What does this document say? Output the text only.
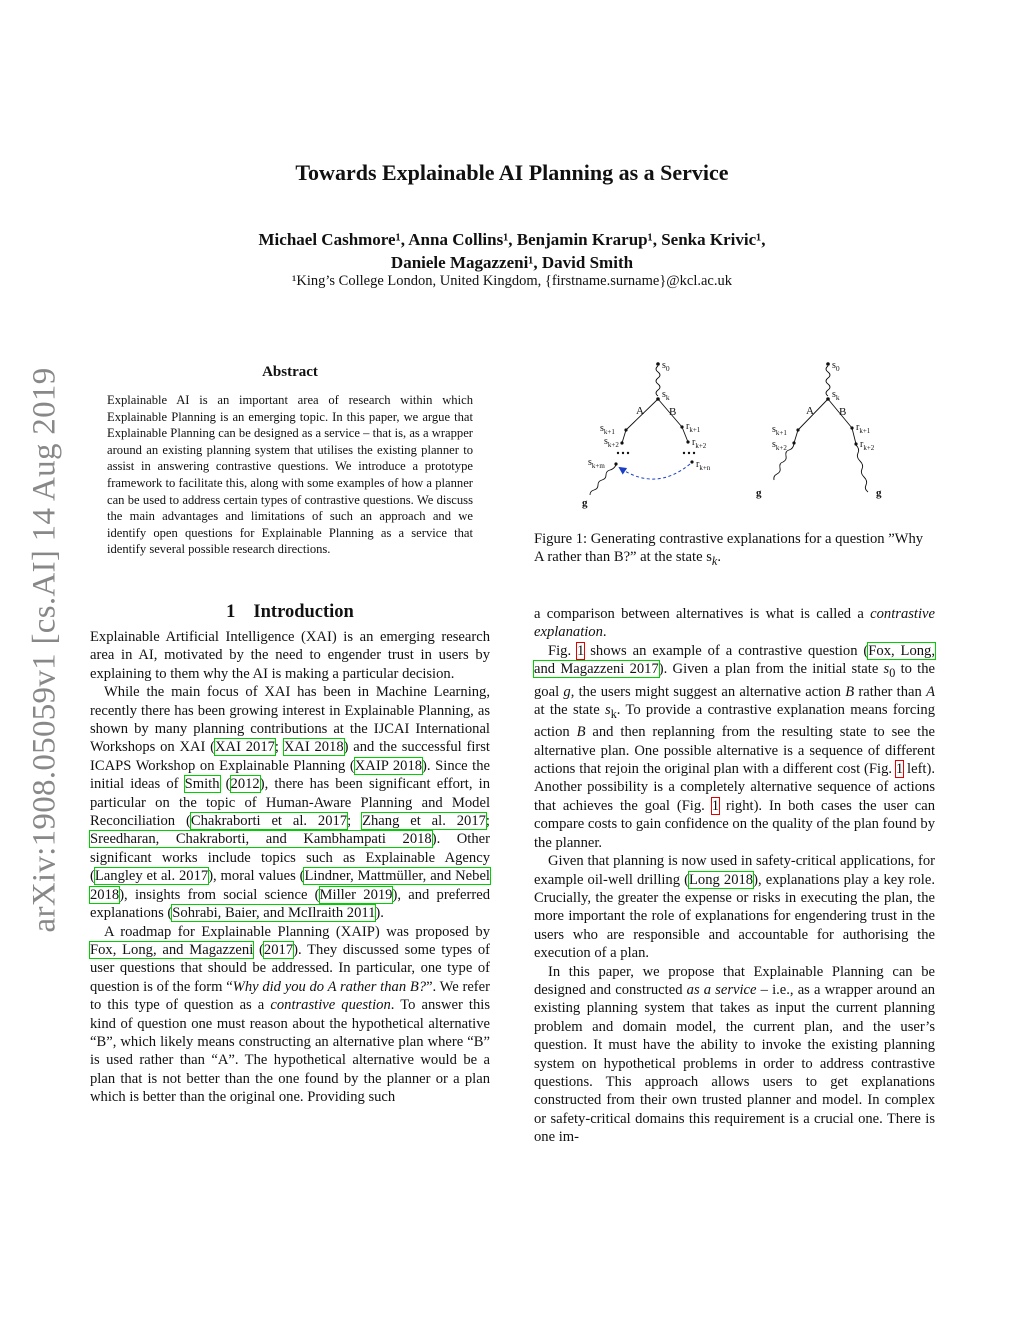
Towards Explainable AI Planning as a Service
Michael Cashmore¹, Anna Collins¹, Benjamin Krarup¹, Senka Krivic¹,
Daniele Magazzeni¹, David Smith
¹King’s College London, United Kingdom, {firstname.surname}@kcl.ac.uk
arXiv:1908.05059v1 [cs.AI] 14 Aug 2019	Abstract

Explainable AI is an important area of research within which Explainable Planning is an emerging topic. In this paper, we argue that Explainable Planning can be designed as a service – that is, as a wrapper around an existing planning system that utilises the existing planner to assist in answering contrastive questions. We introduce a prototype framework to facilitate this, along with some examples of how a planner can be used to address certain types of contrastive questions. We discuss the main advantages and limitations of such an approach and we identify open questions for Explainable Planning as a service that identify several possible research directions.

1 Introduction

Explainable Artificial Intelligence (XAI) is an emerging research area in AI, motivated by the need to engender trust in users by explaining to them why the AI is making a particular decision.

While the main focus of XAI has been in Machine Learning, recently there has been growing interest in Explainable Planning, as shown by many planning contributions at the IJCAI International Workshops on XAI (XAI 2017; XAI 2018) and the successful first ICAPS Workshop on Explainable Planning (XAIP 2018). Since the initial ideas of Smith (2012), there has been significant effort, in particular on the topic of Human-Aware Planning and Model Reconciliation (Chakraborti et al. 2017; Zhang et al. 2017; Sreedharan, Chakraborti, and Kambhampati 2018). Other significant works include topics such as Explainable Agency (Langley et al. 2017), moral values (Lindner, Mattmüller, and Nebel 2018), insights from social science (Miller 2019), and preferred explanations (Sohrabi, Baier, and McIlraith 2011).

A roadmap for Explainable Planning (XAIP) was proposed by Fox, Long, and Magazzeni (2017). They discussed some types of user questions that should be addressed. In particular, one type of question is of the form “Why did you do A rather than B?”. We refer to this type of question as a contrastive question. To answer this kind of question one must reason about the hypothetical alternative “B”, which likely means constructing an alternative plan where “B” is used rather than “A”. The hypothetical alternative would be a plan that is not better than the one found by the planner or a plan which is better than the original one. Providing such

$s_0$
$s_k$
A B
$s_{k+1}$
$s_{k+2}$
$s_{k+m}$
g
$r_{k+1}$
$r_{k+2}$
$r_{k+n}$
$s_0$
$s_k$
A B
$s_{k+1}$
$s_{k+2}$
g
$r_{k+1}$
$r_{k+2}$
g

Figure 1: Generating contrastive explanations for a question ”Why A rather than B?” at the state $s_k$.

a comparison between alternatives is what is called a contrastive explanation.

Fig. 1 shows an example of a contrastive question (Fox, Long, and Magazzeni 2017). Given a plan from the initial state $s_0$ to the goal g, the users might suggest an alternative action B rather than A at the state $s_k$. To provide a contrastive explanation means forcing action B and then replanning from the resulting state to see the alternative plan. One possible alternative is a sequence of different actions that rejoin the original plan with a different cost (Fig. 1 left). Another possibility is a completely alternative sequence of actions that achieves the goal (Fig. 1 right). In both cases the user can compare costs to gain confidence on the quality of the plan found by the planner.

Given that planning is now used in safety-critical applications, for example oil-well drilling (Long 2018), explanations play a key role. Crucially, the greater the expense or risks in executing the plan, the more important the role of explanations for engendering trust in the users who are responsible and accountable for authorising the execution of a plan.

In this paper, we propose that Explainable Planning can be designed and constructed as a service – i.e., as a wrapper around an existing planning system that takes as input the current planning problem and domain model, the current plan, and the user’s question. It must have the ability to invoke the existing planning system on hypothetical problems in order to address contrastive questions. This approach allows users to get explanations constructed from their own trusted planner and model. In complex or safety-critical domains this requirement is a crucial one. There is one im-
